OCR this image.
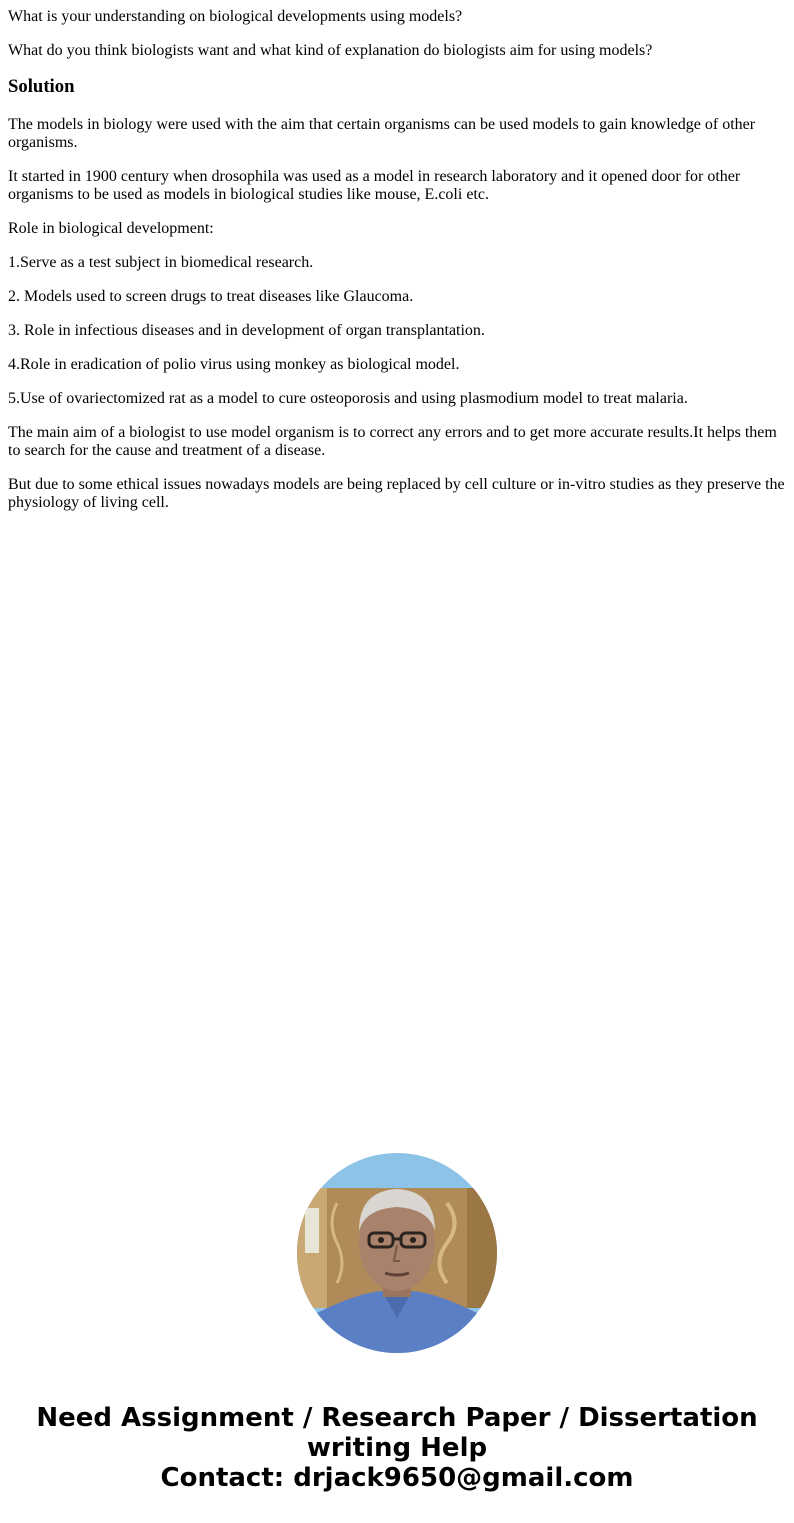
What is your understanding on biological developments using models?

What do you think biologists want and what kind of explanation do biologists aim for using models?

Solution

The models in biology were used with the aim that certain organisms can be used models to gain knowledge of other organisms.

It started in 1900 century when drosophila was used as a model in research laboratory and it opened door for other organisms to be used as models in biological studies like mouse, E.coli etc.

Role in biological development:

1.Serve as a test subject in biomedical research.

2. Models used to screen drugs to treat diseases like Glaucoma.

3. Role in infectious diseases and in development of organ transplantation.

4.Role in eradication of polio virus using monkey as biological model.

5.Use of ovariectomized rat as a model to cure osteoporosis and using plasmodium model to treat malaria.

The main aim of a biologist to use model organism is to correct any errors and to get more accurate results.It helps them to search for the cause and treatment of a disease.

But due to some ethical issues nowadays models are being replaced by cell culture or in-vitro studies as they preserve the physiology of living cell.

Need Assignment / Research Paper / Dissertation
writing Help
Contact: drjack9650@gmail.com
